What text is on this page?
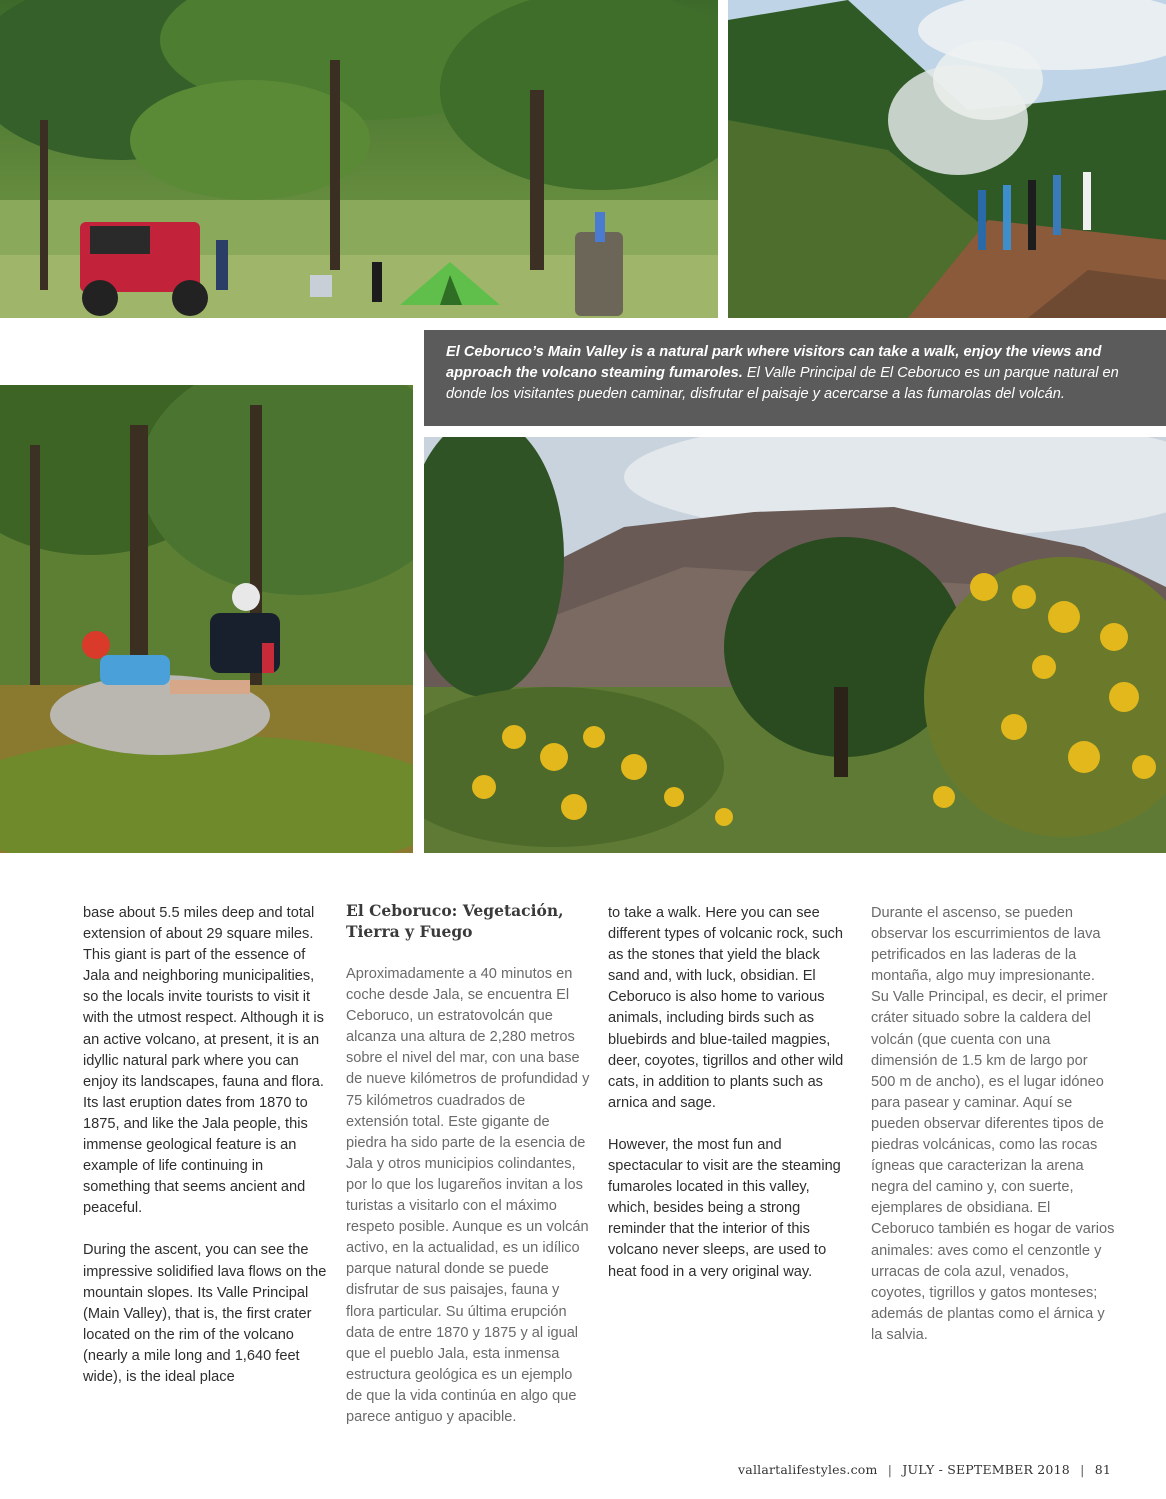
El Ceboruco’s Main Valley is a natural park where visitors can take a walk, enjoy the views and approach the volcano steaming fumaroles. El Valle Principal de El Ceboruco es un parque natural en donde los visitantes pueden caminar, disfrutar el paisaje y acercarse a las fumarolas del volcán.

base about 5.5 miles deep and total extension of about 29 square miles. This giant is part of the essence of Jala and neighboring municipalities, so the locals invite tourists to visit it with the utmost respect. Although it is an active volcano, at present, it is an idyllic natural park where you can enjoy its landscapes, fauna and flora. Its last eruption dates from 1870 to 1875, and like the Jala people, this immense geological feature is an example of life continuing in something that seems ancient and peaceful.

During the ascent, you can see the impressive solidified lava flows on the mountain slopes. Its Valle Principal (Main Valley), that is, the first crater located on the rim of the volcano (nearly a mile long and 1,640 feet wide), is the ideal place

El Ceboruco: Vegetación, Tierra y Fuego

Aproximadamente a 40 minutos en coche desde Jala, se encuentra El Ceboruco, un estratovolcán que alcanza una altura de 2,280 metros sobre el nivel del mar, con una base de nueve kilómetros de profundidad y 75 kilómetros cuadrados de extensión total. Este gigante de piedra ha sido parte de la esencia de Jala y otros municipios colindantes, por lo que los lugareños invitan a los turistas a visitarlo con el máximo respeto posible. Aunque es un volcán activo, en la actualidad, es un idílico parque natural donde se puede disfrutar de sus paisajes, fauna y flora particular. Su última erupción data de entre 1870 y 1875 y al igual que el pueblo Jala, esta inmensa estructura geológica es un ejemplo de que la vida continúa en algo que parece antiguo y apacible.

to take a walk. Here you can see different types of volcanic rock, such as the stones that yield the black sand and, with luck, obsidian. El Ceboruco is also home to various animals, including birds such as bluebirds and blue-tailed magpies, deer, coyotes, tigrillos and other wild cats, in addition to plants such as arnica and sage.

However, the most fun and spectacular to visit are the steaming fumaroles located in this valley, which, besides being a strong reminder that the interior of this volcano never sleeps, are used to heat food in a very original way.

Durante el ascenso, se pueden observar los escurrimientos de lava petrificados en las laderas de la montaña, algo muy impresionante. Su Valle Principal, es decir, el primer cráter situado sobre la caldera del volcán (que cuenta con una dimensión de 1.5 km de largo por 500 m de ancho), es el lugar idóneo para pasear y caminar. Aquí se pueden observar diferentes tipos de piedras volcánicas, como las rocas ígneas que caracterizan la arena negra del camino y, con suerte, ejemplares de obsidiana. El Ceboruco también es hogar de varios animales: aves como el cenzontle y urracas de cola azul, venados, coyotes, tigrillos y gatos monteses; además de plantas como el árnica y la salvia.

vallartalifestyles.com | JULY - SEPTEMBER 2018 | 81
